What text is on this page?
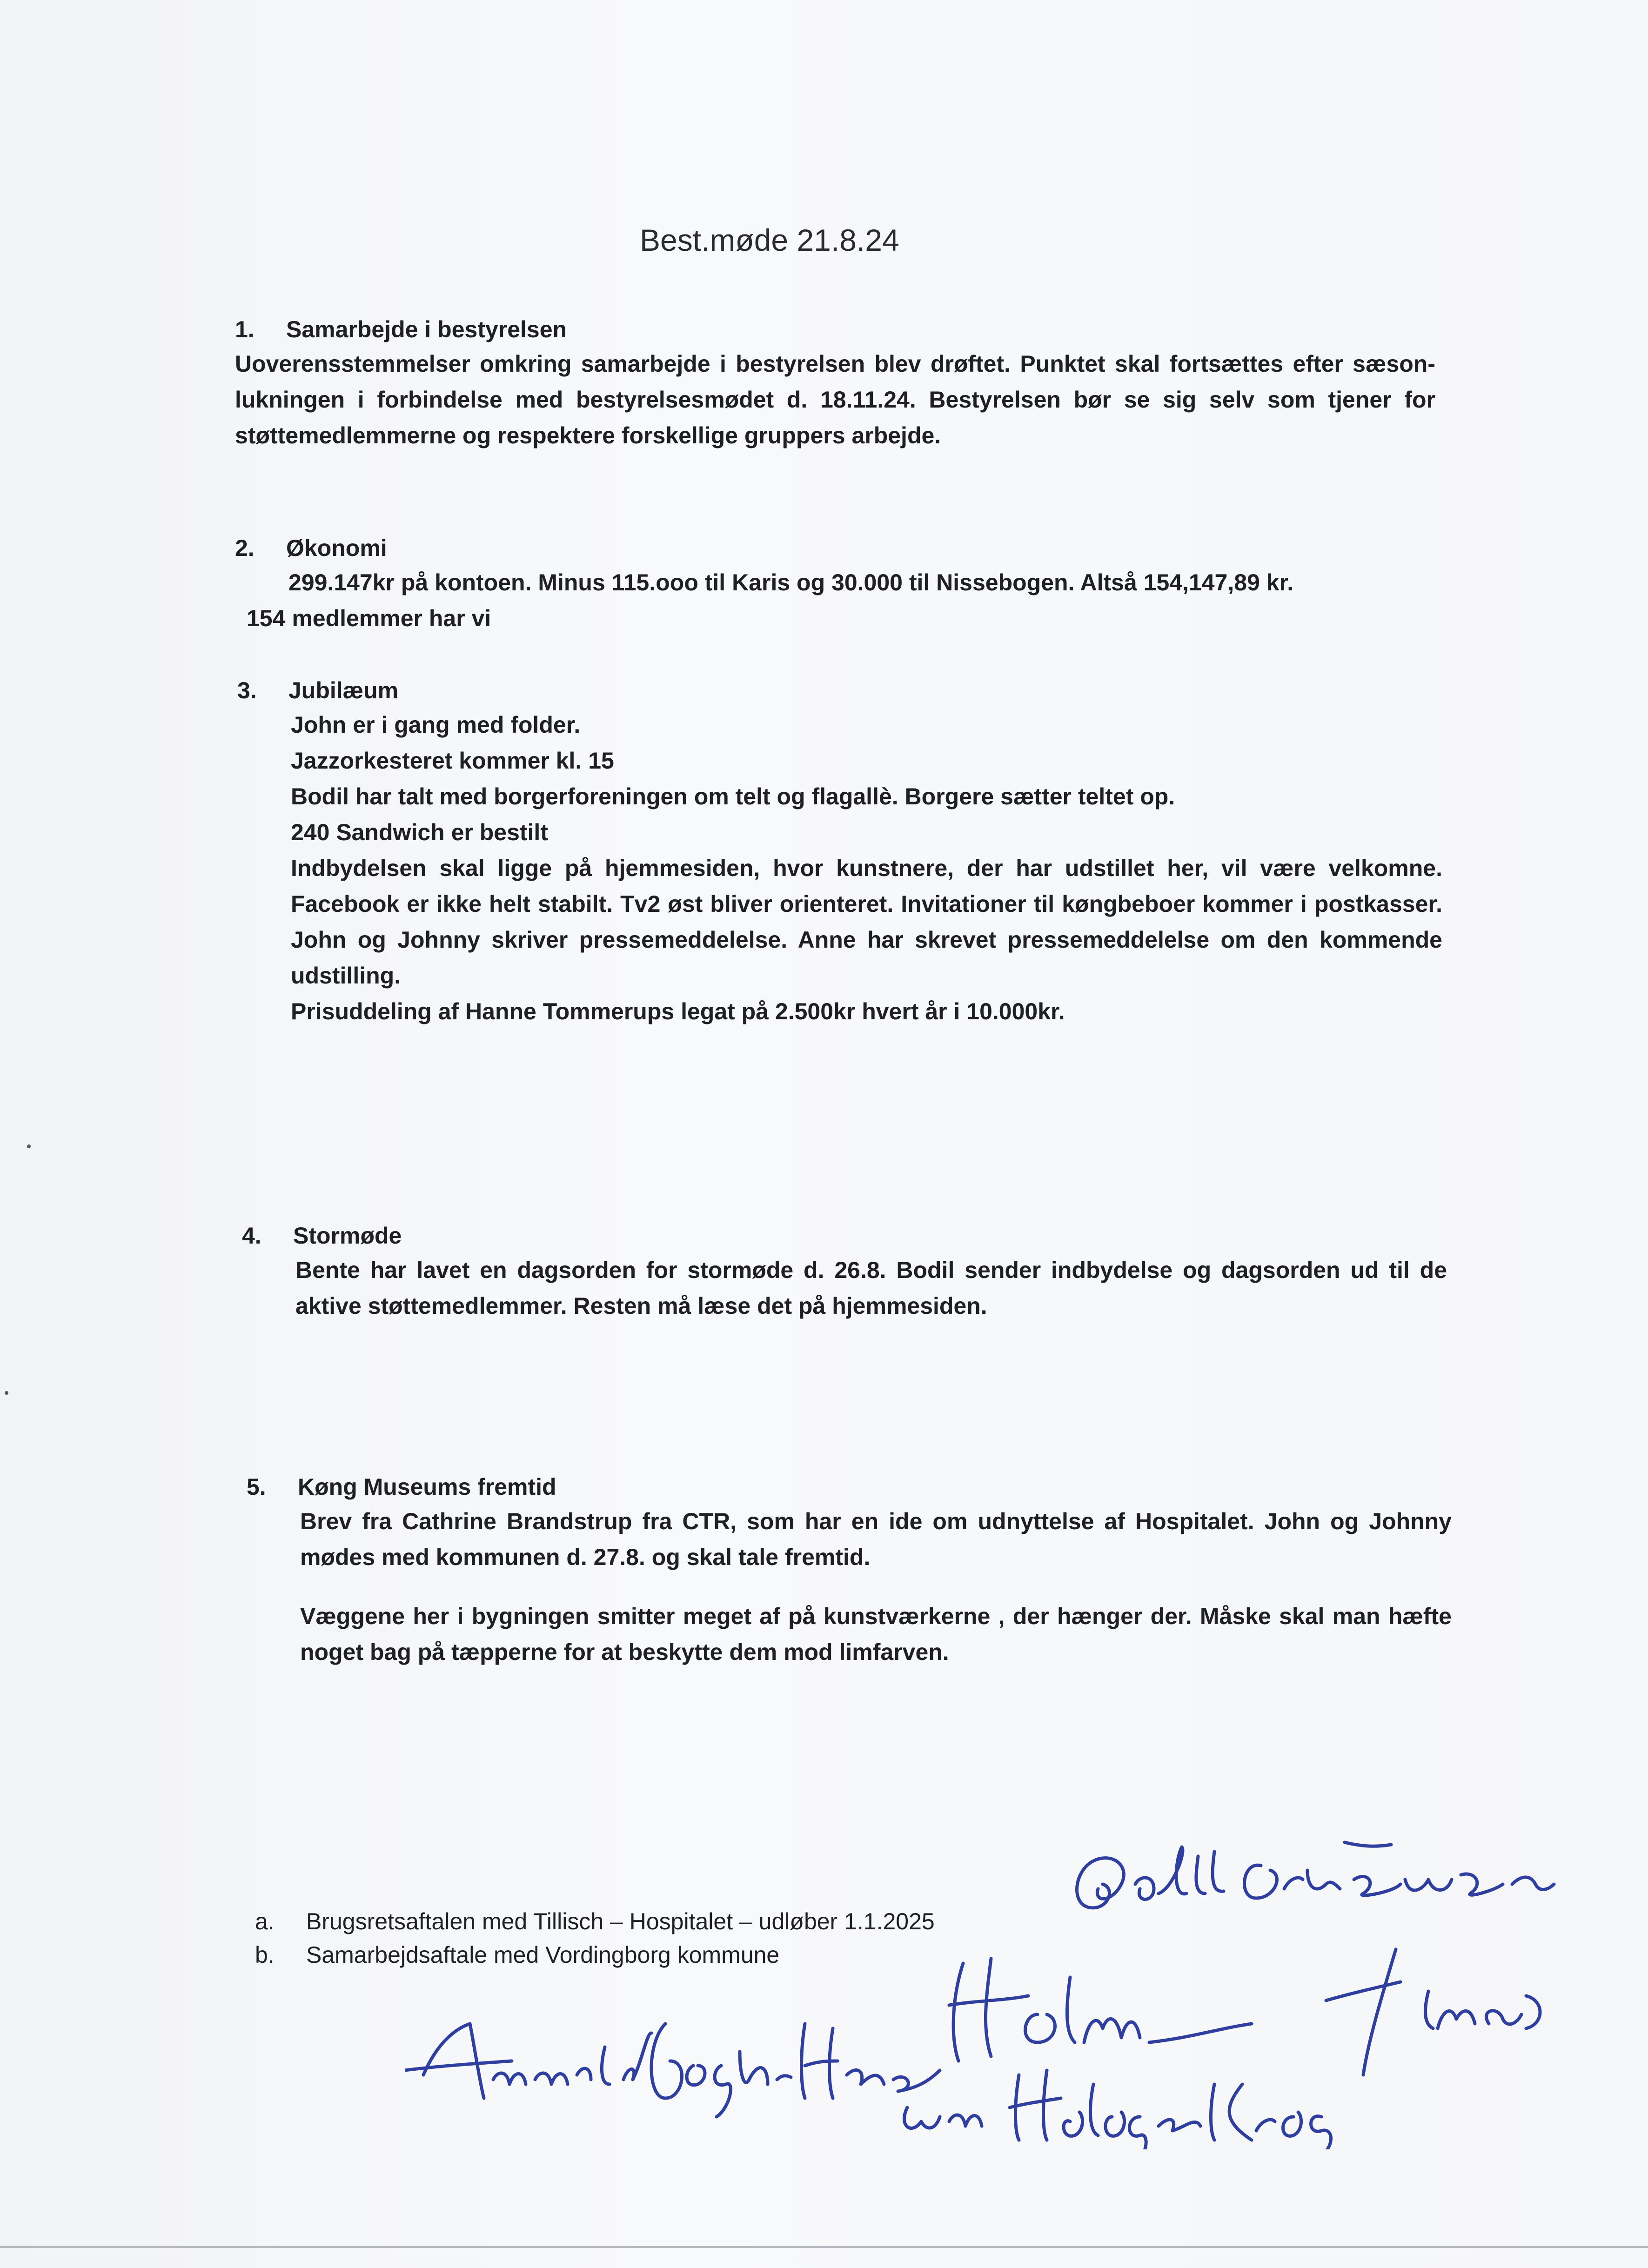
Best.møde 21.8.24
1. Samarbejde i bestyrelsen
Uoverensstemmelser omkring samarbejde i bestyrelsen blev drøftet. Punktet skal fortsættes efter sæson-lukningen i forbindelse med bestyrelsesmødet d. 18.11.24. Bestyrelsen bør se sig selv som tjener for støttemedlemmerne og respektere forskellige gruppers arbejde.
2. Økonomi
299.147kr på kontoen. Minus 115.ooo til Karis og 30.000 til Nissebogen. Altså 154,147,89 kr.
154 medlemmer har vi
3. Jubilæum
John er i gang med folder.
Jazzorkesteret kommer kl. 15
Bodil har talt med borgerforeningen om telt og flagallè. Borgere sætter teltet op.
240 Sandwich er bestilt
Indbydelsen skal ligge på hjemmesiden, hvor kunstnere, der har udstillet her, vil være velkomne. Facebook er ikke helt stabilt. Tv2 øst bliver orienteret. Invitationer til køngbeboer kommer i postkasser. John og Johnny skriver pressemeddelelse. Anne har skrevet pressemeddelelse om den kommende udstilling.
Prisuddeling af Hanne Tommerups legat på 2.500kr hvert år i 10.000kr.
4. Stormøde
Bente har lavet en dagsorden for stormøde d. 26.8. Bodil sender indbydelse og dagsorden ud til de aktive støttemedlemmer. Resten må læse det på hjemmesiden.
5. Køng Museums fremtid
Brev fra Cathrine Brandstrup fra CTR, som har en ide om udnyttelse af Hospitalet. John og Johnny mødes med kommunen d. 27.8. og skal tale fremtid.
Væggene her i bygningen smitter meget af på kunstværkerne , der hænger der. Måske skal man hæfte noget bag på tæpperne for at beskytte dem mod limfarven.
a. Brugsretsaftalen med Tillisch – Hospitalet – udløber 1.1.2025
b. Samarbejdsaftale med Vordingborg kommune
